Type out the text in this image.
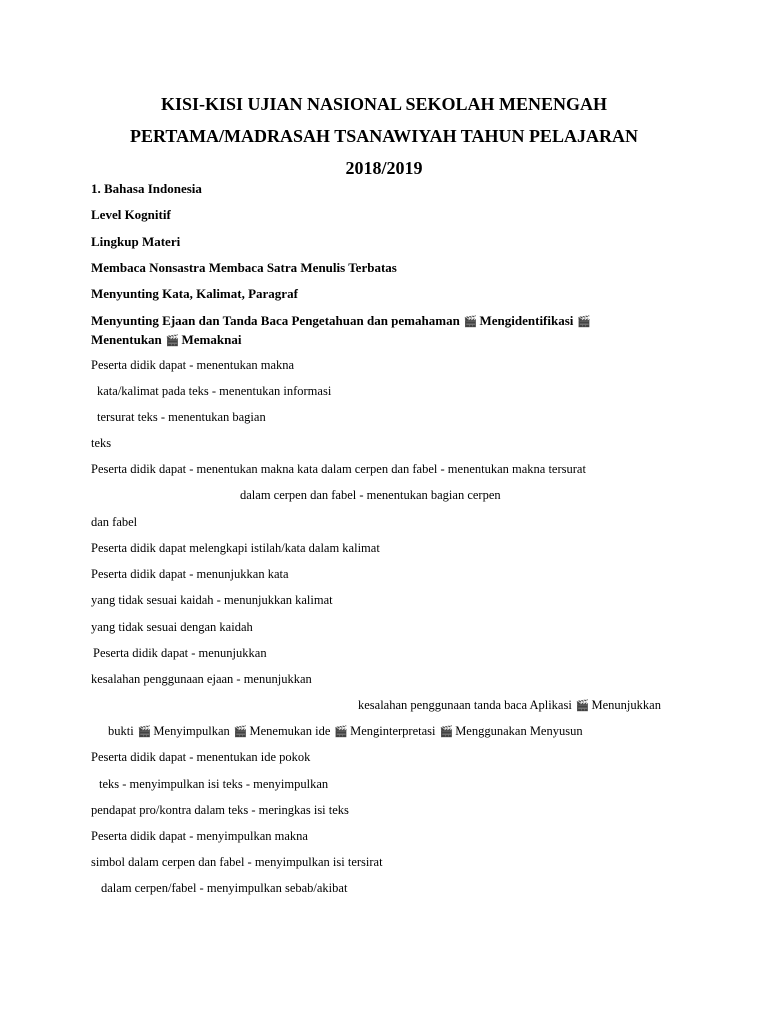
KISI-KISI UJIAN NASIONAL SEKOLAH MENENGAH
PERTAMA/MADRASAH TSANAWIYAH TAHUN PELAJARAN
2018/2019
1. Bahasa Indonesia
Level Kognitif
Lingkup Materi
Membaca Nonsastra Membaca Satra Menulis Terbatas
Menyunting Kata, Kalimat, Paragraf
Menyunting Ejaan dan Tanda Baca Pengetahuan dan pemahaman 🎬 Mengidentifikasi 🎬
Menentukan 🎬 Memaknai
Peserta didik dapat - menentukan makna
kata/kalimat pada teks - menentukan informasi
tersurat teks - menentukan bagian
teks
Peserta didik dapat - menentukan makna kata dalam cerpen dan fabel - menentukan makna tersurat
dalam cerpen dan fabel - menentukan bagian cerpen
dan fabel
Peserta didik dapat melengkapi istilah/kata dalam kalimat
Peserta didik dapat - menunjukkan kata
yang tidak sesuai kaidah - menunjukkan kalimat
yang tidak sesuai dengan kaidah
Peserta didik dapat - menunjukkan
kesalahan penggunaan ejaan - menunjukkan
kesalahan penggunaan tanda baca Aplikasi 🎬 Menunjukkan
bukti 🎬 Menyimpulkan 🎬 Menemukan ide 🎬 Menginterpretasi 🎬 Menggunakan Menyusun
Peserta didik dapat - menentukan ide pokok
teks - menyimpulkan isi teks - menyimpulkan
pendapat pro/kontra dalam teks - meringkas isi teks
Peserta didik dapat - menyimpulkan makna
simbol dalam cerpen dan fabel - menyimpulkan isi tersirat
dalam cerpen/fabel - menyimpulkan sebab/akibat
